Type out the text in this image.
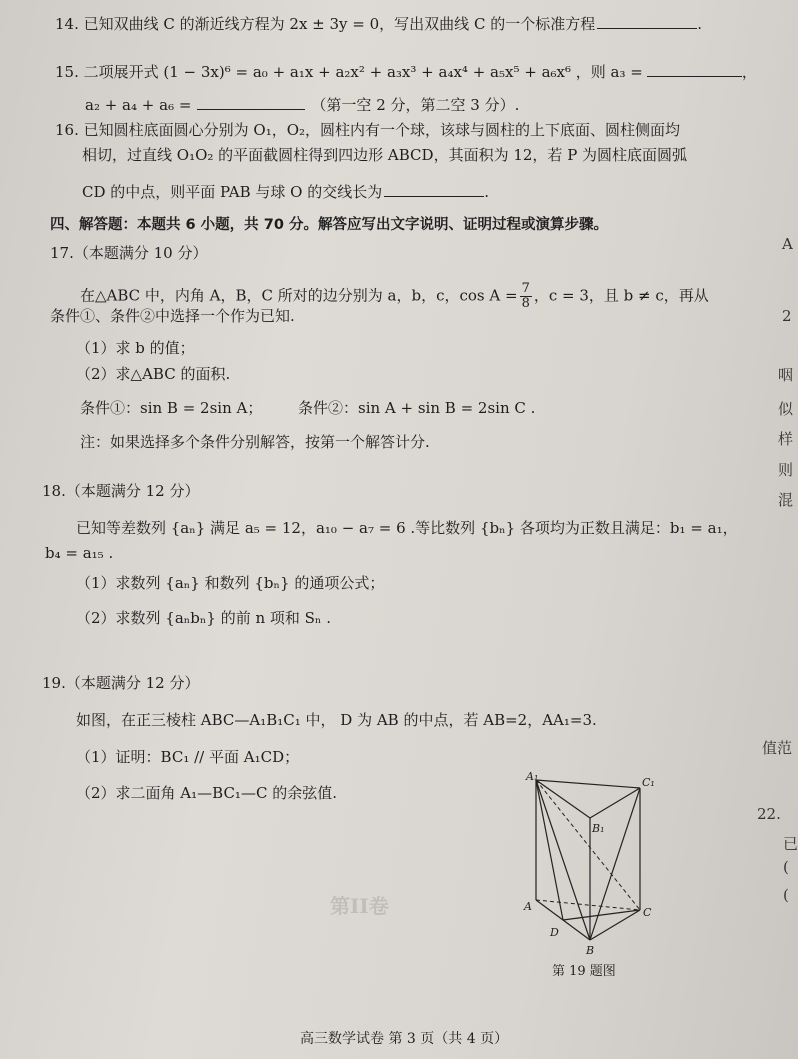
第II卷
14. 已知双曲线 C 的渐近线方程为 2x ± 3y = 0，写出双曲线 C 的一个标准方程	.
15. 二项展开式 (1 − 3x)⁶ = a₀ + a₁x + a₂x² + a₃x³ + a₄x⁴ + a₅x⁵ + a₆x⁶ ，则 a₃ =	，
a₂ + a₄ + a₆ =	（第一空 2 分，第二空 3 分）.
16. 已知圆柱底面圆心分别为 O₁，O₂，圆柱内有一个球，该球与圆柱的上下底面、圆柱侧面均
相切，过直线 O₁O₂ 的平面截圆柱得到四边形 ABCD，其面积为 12，若 P 为圆柱底面圆弧
CD 的中点，则平面 PAB 与球 O 的交线长为	.
四、解答题：本题共 6 小题，共 70 分。解答应写出文字说明、证明过程或演算步骤。
17.（本题满分 10 分）
在△ABC 中，内角 A，B，C 所对的边分别为 a，b，c，$\cos A = \frac{7}{8}$ ，c = 3，且 b ≠ c，再从
条件①、条件②中选择一个作为已知.
（1）求 b 的值；
（2）求△ABC 的面积.
条件①：sin B = 2sin A； 条件②：sin A + sin B = 2sin C .
注：如果选择多个条件分别解答，按第一个解答计分.
18.（本题满分 12 分）
已知等差数列 {aₙ} 满足 a₅ = 12，a₁₀ − a₇ = 6 .等比数列 {bₙ} 各项均为正数且满足：b₁ = a₁，
b₄ = a₁₅ .
（1）求数列 {aₙ} 和数列 {bₙ} 的通项公式；
（2）求数列 {aₙbₙ} 的前 n 项和 Sₙ .
19.（本题满分 12 分）
如图，在正三棱柱 ABC—A₁B₁C₁ 中， D 为 AB 的中点，若 AB=2，AA₁=3.
（1）证明：BC₁ // 平面 A₁CD；
（2）求二面角 A₁—BC₁—C 的余弦值.
A₁	C₁
B₁
A	C
B
D
第 19 题图
A
2
咽
似
样
则
混
值范
22.
已
(
(
高三数学试卷 第 3 页（共 4 页）
